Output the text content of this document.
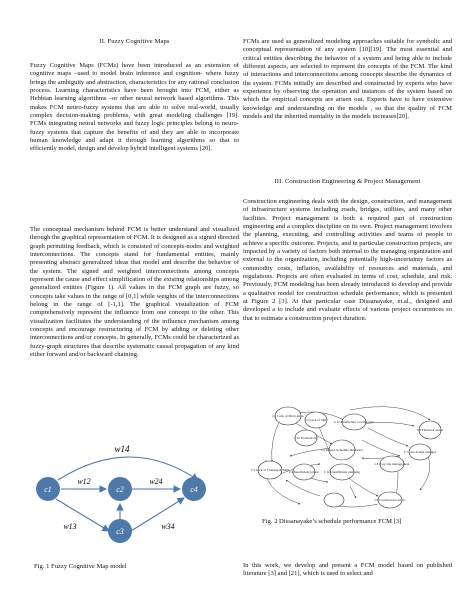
II. Fuzzy Cognitive Maps

Fuzzy Cognitive Maps (FCMs) have been introduced as an extension of cognitive maps –used to model brain inference and cognition- where fuzzy brings the ambiguity and abstraction, characteristics for any rational conclusion process. Learning characteristics have been brought into FCM, either as Hebbian learning algorithms –or other neural network based algorithms. This makes FCM neuro-fuzzy systems that are able to solve real-world, usually complex decision-making problems, with great modeling challenges [19]. FCMs integrating neural networks and fuzzy logic principles belong to neuro-fuzzy systems that capture the benefits of and they are able to incorporate human knowledge and adapt it through learning algorithms so that to efficiently model, design and develop hybrid intelligent systems [20].

The conceptual mechanism behind FCM is better understand and visualized through the graphical representation of FCM. It is designed as a signed directed graph permitting feedback, which is consisted of concepts-nodes and weighted interconnections. The concepts stand for fundamental entities, mainly presenting abstract generalized ideas that model and describe the behavior of the system. The signed and weighted interconnections among concepts represent the cause and effect simplification of the existing relationships among generalized entities (Figure 1). All values in the FCM graph are fuzzy, so concepts take values in the range of [0,1] while weights of the interconnections belong in the range of [-1,1]. The graphical visualization of FCM comprehensively represent the influence from one concept to the other. This visualization facilitates the understanding of the influence mechanism among concepts and encourage restructuring of FCM by adding or deleting other interconnections and/or concepts. In generally, FCMs could be characterized as fuzzy-graph structures that describe systematic causal propagation of any kind either forward and/or backward chaining.

c1	c2
c3
c4
w14
w12	w24
w13	w34
Fig. 1 Fuzzy Cognitive Map model

FCMs are used as generalized modeling approaches suitable for symbolic and conceptual representation of any system [10][19]. The most essential and critical entities describing the behavior of a system and being able to include different aspects, are selected to represent the concepts of the FCM. The kind of interactions and interconnections among concepts describe the dynamics of the system. FCMs initially are described and constructed by experts who have experience by observing the operation and instances of the system based on which the empirical concepts are arisen out. Experts have to have extensive knowledge and understanding on the models , so that the quality of FCM models and the inherited mentality in the models increases[20].

III. Construction Engineering & Project Management

Construction engineering deals with the design, construction, and management of infrastructure systems including roads, bridges, utilities, and many other facilities. Project management is both a required part of construction engineering and a complex discipline on its own. Project management involves the planning, executing, and controlling activities and teams of people to achieve a specific outcome. Projects, and in particular construction projects, are impacted by a variety of factors both internal to the managing organization and external to the organization, including potentially high-uncertainty factors as commodity costs, inflation, availability of resources and materials, and regulations. Projects are often evaluated in terms of cost, schedule, and risk. Previously, FCM modeling has been already introduced to develop and provide a qualitative model for construction schedule performance, which is presented at Figure 2 [3]. At that particular case Dissanayake, et.al., designed and developed a to include and evaluate effects of various project occurrences so that to estimate a construction project duration.

In this work, we develop and present a FCM model based on published literature [3] and [21], which is used to select and

C1 Lack of Motivation
C2 Lack of Skill
C3 Lack of Training & Skill C4 Insufficient labour
C5 Project Schedule Deviation
C6 Poor site management
C7 Late design changes
C8 Financial status
C9 Construction errors
C10 Productivity
C11 Unsufficient planning
C12 Insufficient coordination
Fig. 2 Dissanayake’s schedule performance FCM [3]
